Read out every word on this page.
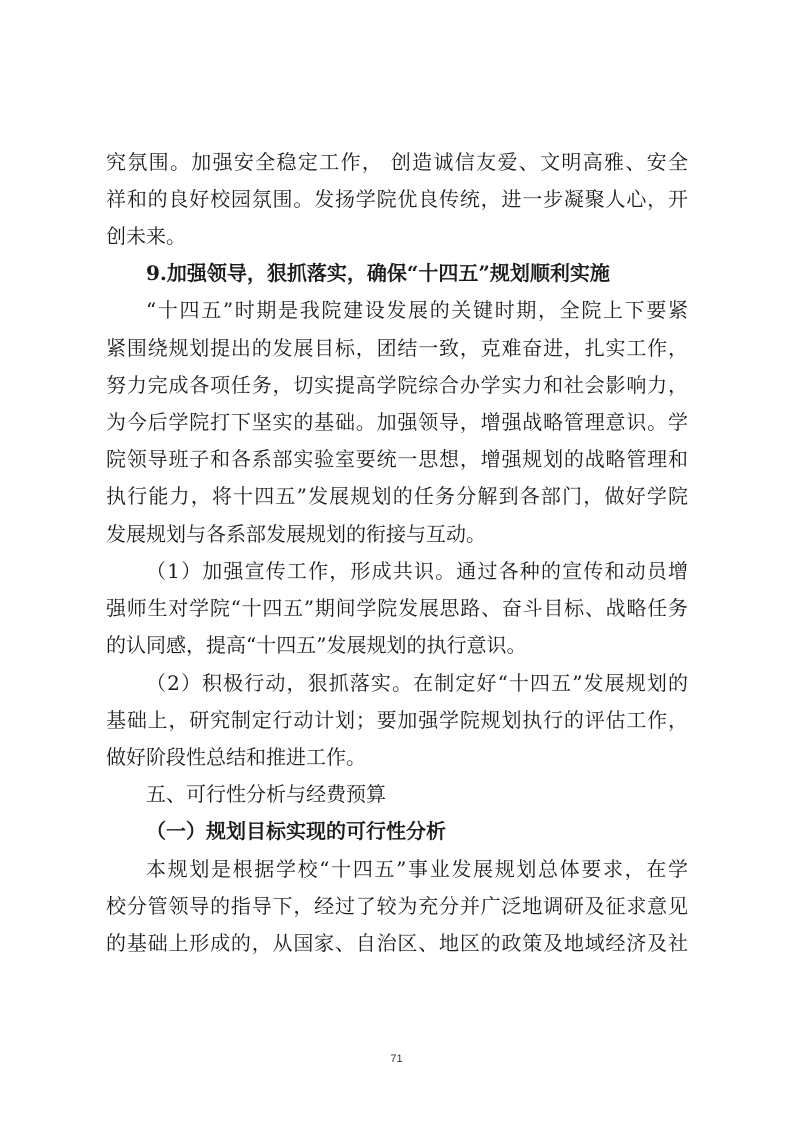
究氛围。加强安全稳定工作， 创造诚信友爱、文明高雅、安全
祥和的良好校园氛围。发扬学院优良传统，进一步凝聚人心，开
创未来。
9.加强领导，狠抓落实，确保“十四五”规划顺利实施
“十四五”时期是我院建设发展的关键时期，全院上下要紧
紧围绕规划提出的发展目标，团结一致，克难奋进，扎实工作，
努力完成各项任务，切实提高学院综合办学实力和社会影响力，
为今后学院打下坚实的基础。加强领导，增强战略管理意识。学
院领导班子和各系部实验室要统一思想，增强规划的战略管理和
执行能力，将十四五”发展规划的任务分解到各部门，做好学院
发展规划与各系部发展规划的衔接与互动。
（1）加强宣传工作，形成共识。通过各种的宣传和动员增
强师生对学院“十四五”期间学院发展思路、奋斗目标、战略任务
的认同感，提高“十四五”发展规划的执行意识。
（2）积极行动，狠抓落实。在制定好“十四五”发展规划的
基础上，研究制定行动计划；要加强学院规划执行的评估工作，
做好阶段性总结和推进工作。
五、可行性分析与经费预算
（一）规划目标实现的可行性分析
本规划是根据学校“十四五”事业发展规划总体要求，在学
校分管领导的指导下，经过了较为充分并广泛地调研及征求意见
的基础上形成的，从国家、自治区、地区的政策及地域经济及社
71
